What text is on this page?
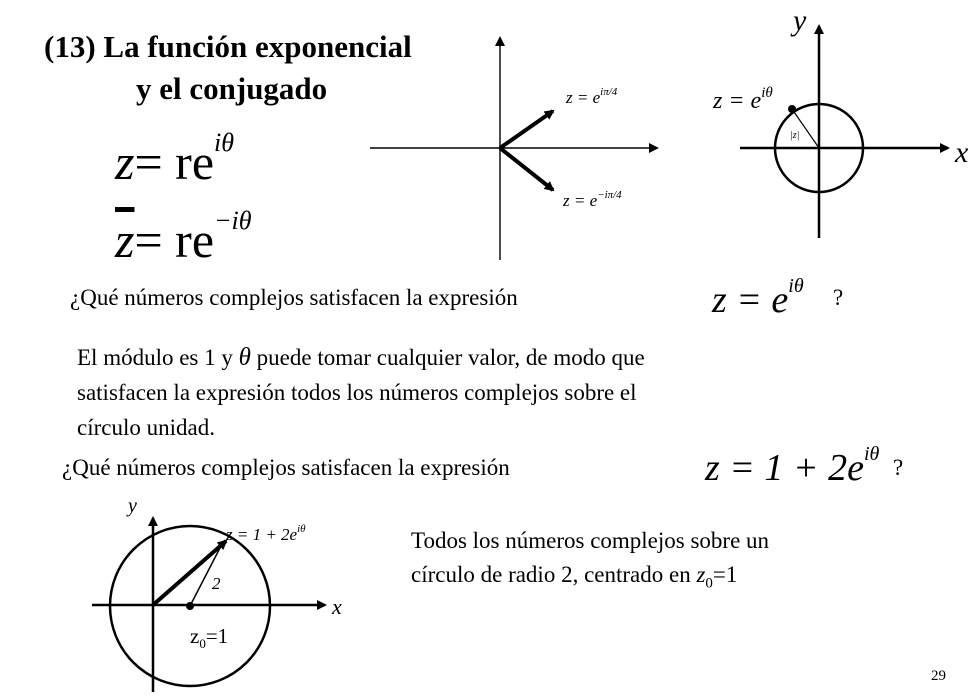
(13) La función exponencial
y el conjugado
$z= re^{i\theta}$
$\overline{z}= re^{-i\theta}$
$z = e^{i\pi/4}$
$z = e^{-i\pi/4}$
y
x
$z = e^{i\theta}$
|z|
y
x
$z = 1 + 2e^{i\theta}$
2
$z_0=1$
¿Qué números complejos satisfacen la expresión	$z = e^{i\theta}$ ?
El módulo es 1 y θ puede tomar cualquier valor, de modo que
satisfacen la expresión todos los números complejos sobre el
círculo unidad.
¿Qué números complejos satisfacen la expresión	$z = 1 + 2e^{i\theta}$
?
Todos los números complejos sobre un
círculo de radio 2, centrado en $z_0=1$
29
